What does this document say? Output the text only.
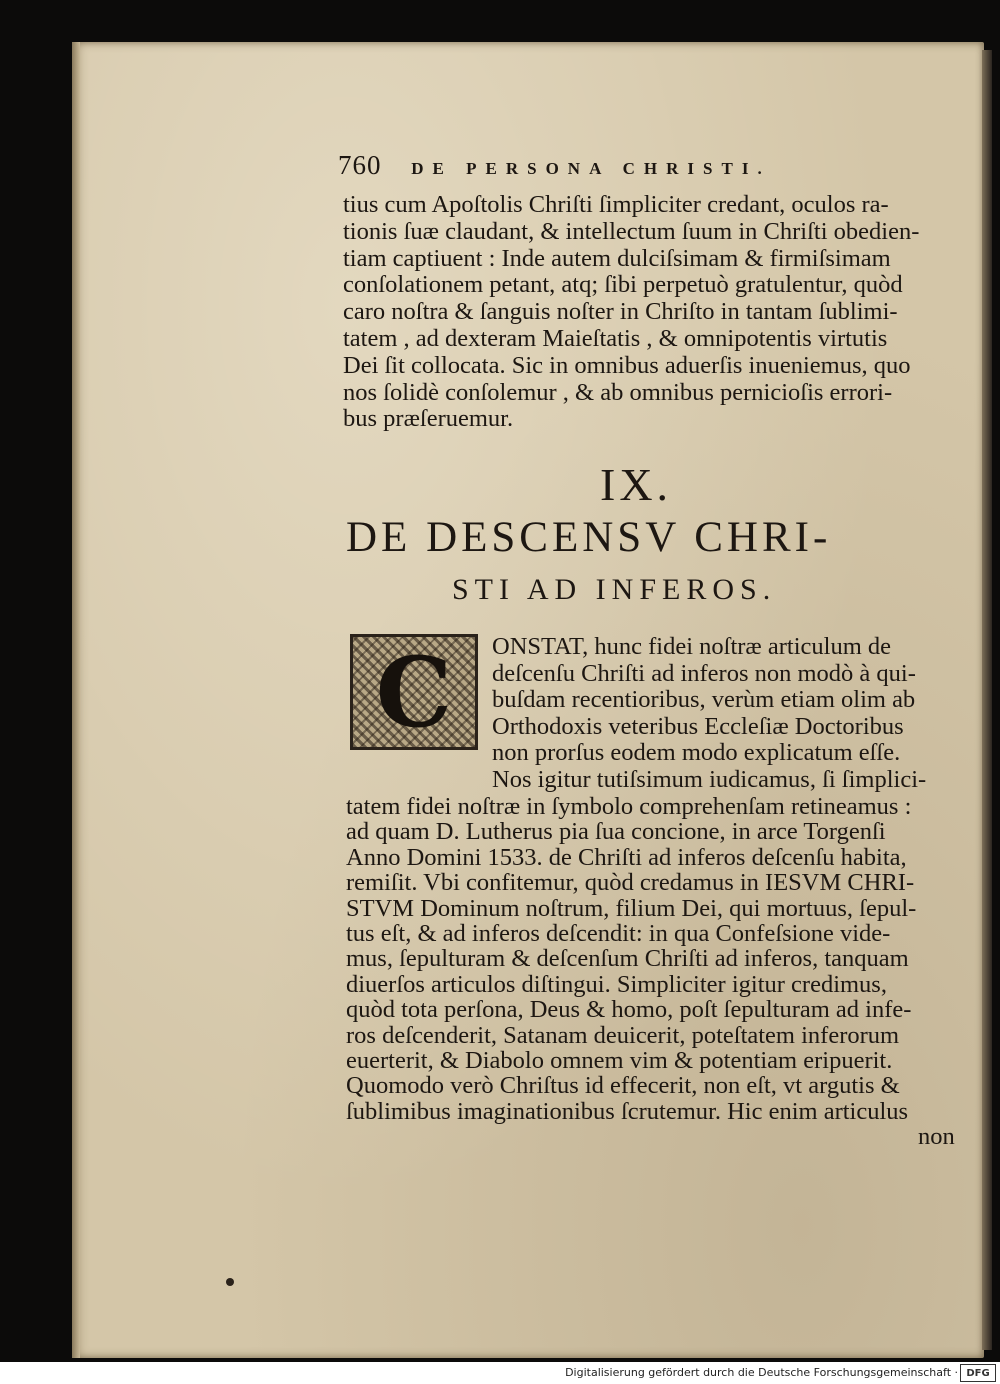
760 DE PERSONA CHRISTI.
tius cum Apoſtolis Chriſti ſimpliciter credant, oculos ra-
tionis ſuæ claudant, & intellectum ſuum in Chriſti obedien-
tiam captiuent : Inde autem dulciſsimam & firmiſsimam
conſolationem petant, atq; ſibi perpetuò gratulentur, quòd
caro noſtra & ſanguis noſter in Chriſto in tantam ſublimi-
tatem , ad dexteram Maieſtatis , & omnipotentis virtutis
Dei ſit collocata. Sic in omnibus aduerſis inueniemus, quo
nos ſolidè conſolemur , & ab omnibus pernicioſis errori-
bus præſeruemur.
IX.
DE DESCENSV CHRI-
STI AD INFEROS.
C	ONSTAT, hunc fidei noſtræ articulum de
deſcenſu Chriſti ad inferos non modò à qui-
buſdam recentioribus, verùm etiam olim ab
Orthodoxis veteribus Eccleſiæ Doctoribus
non prorſus eodem modo explicatum eſſe.
Nos igitur tutiſsimum iudicamus, ſi ſimplici-
tatem fidei noſtræ in ſymbolo comprehenſam retineamus :
ad quam D. Lutherus pia ſua concione, in arce Torgenſi
Anno Domini 1533. de Chriſti ad inferos deſcenſu habita,
remiſit. Vbi confitemur, quòd credamus in IESVM CHRI-
STVM Dominum noſtrum, filium Dei, qui mortuus, ſepul-
tus eſt, & ad inferos deſcendit: in qua Confeſsione vide-
mus, ſepulturam & deſcenſum Chriſti ad inferos, tanquam
diuerſos articulos diſtingui. Simpliciter igitur credimus,
quòd tota perſona, Deus & homo, poſt ſepulturam ad infe-
ros deſcenderit, Satanam deuicerit, poteſtatem inferorum
euerterit, & Diabolo omnem vim & potentiam eripuerit.
Quomodo verò Chriſtus id effecerit, non eſt, vt argutis &
ſublimibus imaginationibus ſcrutemur. Hic enim articulus
non
Digitalisierung gefördert durch die Deutsche Forschungsgemeinschaft · DFG
